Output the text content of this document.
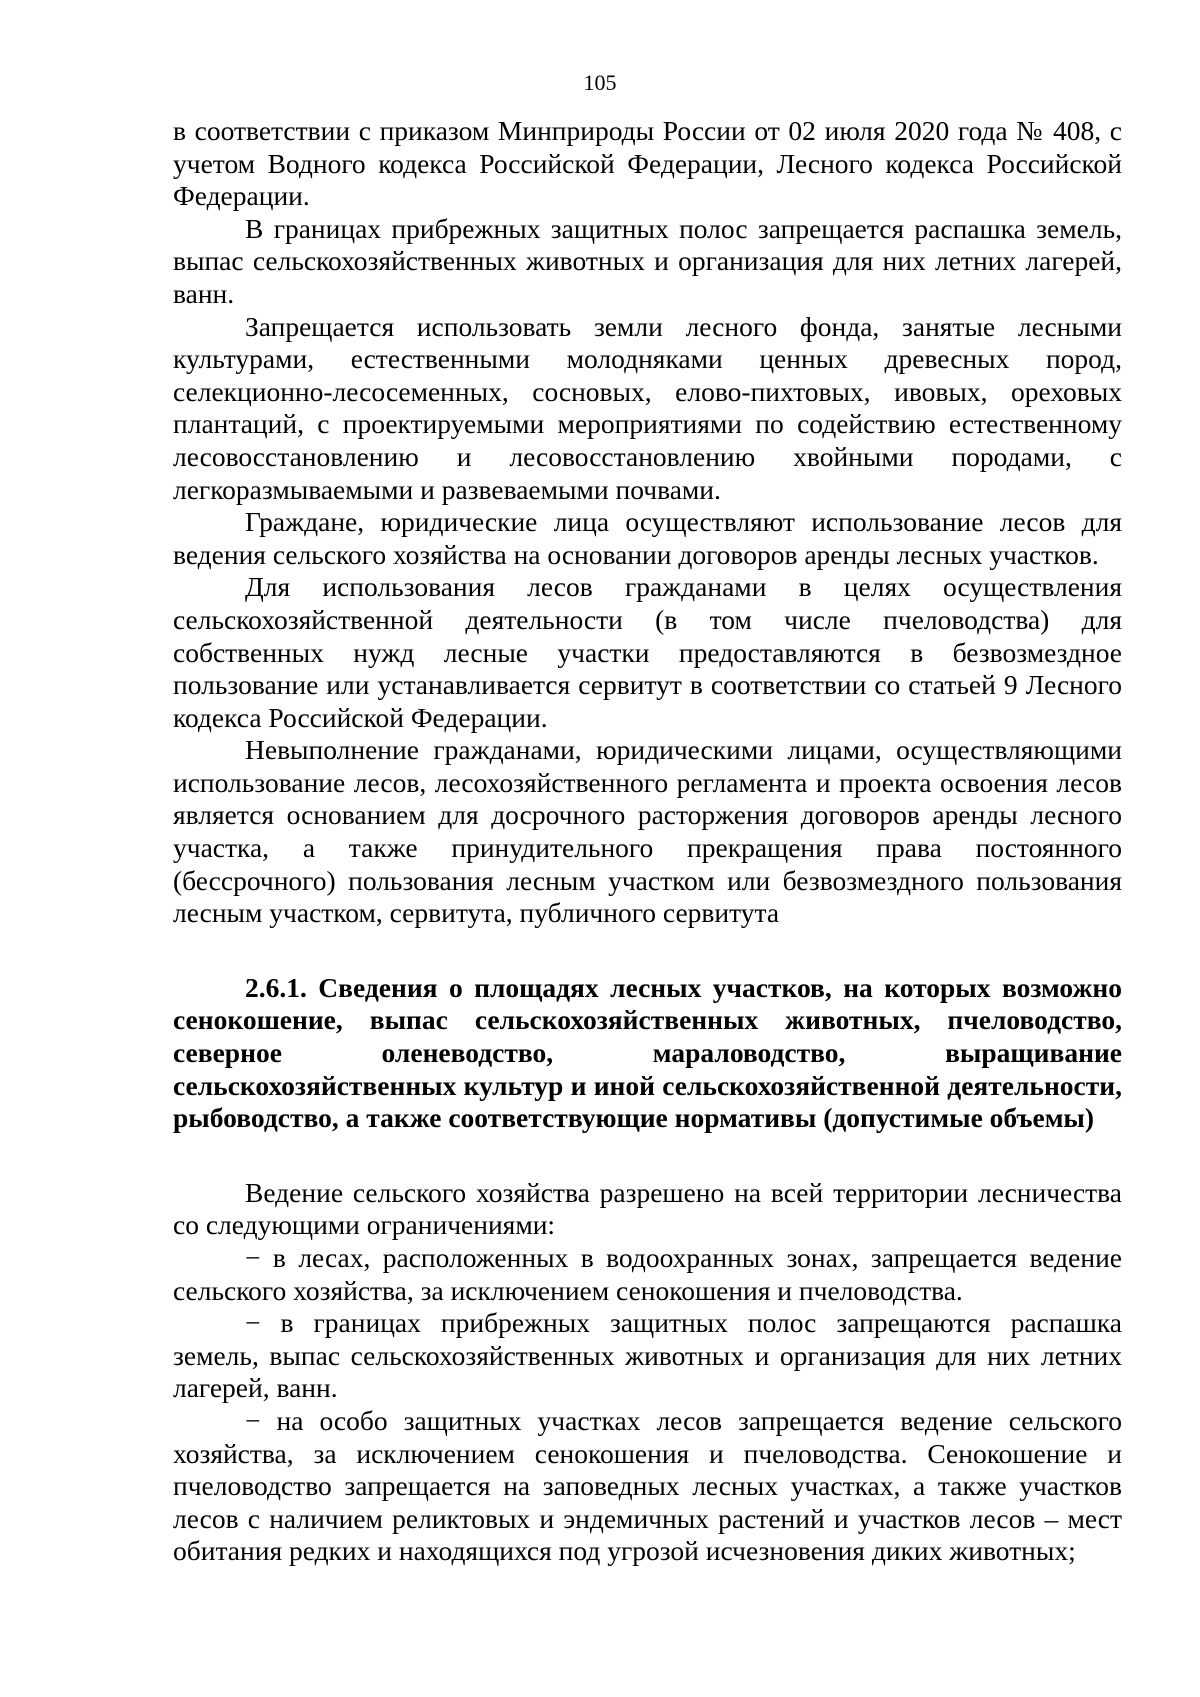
105

в соответствии с приказом Минприроды России от 02 июля 2020 года № 408, с учетом Водного кодекса Российской Федерации, Лесного кодекса Российской Федерации.

В границах прибрежных защитных полос запрещается распашка земель, выпас сельскохозяйственных животных и организация для них летних лагерей, ванн.

Запрещается использовать земли лесного фонда, занятые лесными культурами, естественными молодняками ценных древесных пород, селекционно-лесосеменных, сосновых, елово-пихтовых, ивовых, ореховых плантаций, с проектируемыми мероприятиями по содействию естественному лесовосстановлению и лесовосстановлению хвойными породами, с легкоразмываемыми и развеваемыми почвами.

Граждане, юридические лица осуществляют использование лесов для ведения сельского хозяйства на основании договоров аренды лесных участков.

Для использования лесов гражданами в целях осуществления сельскохозяйственной деятельности (в том числе пчеловодства) для собственных нужд лесные участки предоставляются в безвозмездное пользование или устанавливается сервитут в соответствии со статьей 9 Лесного кодекса Российской Федерации.

Невыполнение гражданами, юридическими лицами, осуществляющими использование лесов, лесохозяйственного регламента и проекта освоения лесов является основанием для досрочного расторжения договоров аренды лесного участка, а также принудительного прекращения права постоянного (бессрочного) пользования лесным участком или безвозмездного пользования лесным участком, сервитута, публичного сервитута

2.6.1. Сведения о площадях лесных участков, на которых возможно сенокошение, выпас сельскохозяйственных животных, пчеловодство, северное оленеводство, мараловодство, выращивание сельскохозяйственных культур и иной сельскохозяйственной деятельности, рыбоводство, а также соответствующие нормативы (допустимые объемы)

Ведение сельского хозяйства разрешено на всей территории лесничества со следующими ограничениями:

− в лесах, расположенных в водоохранных зонах, запрещается ведение сельского хозяйства, за исключением сенокошения и пчеловодства.

− в границах прибрежных защитных полос запрещаются распашка земель, выпас сельскохозяйственных животных и организация для них летних лагерей, ванн.

− на особо защитных участках лесов запрещается ведение сельского хозяйства, за исключением сенокошения и пчеловодства. Сенокошение и пчеловодство запрещается на заповедных лесных участках, а также участков лесов с наличием реликтовых и эндемичных растений и участков лесов – мест обитания редких и находящихся под угрозой исчезновения диких животных;
